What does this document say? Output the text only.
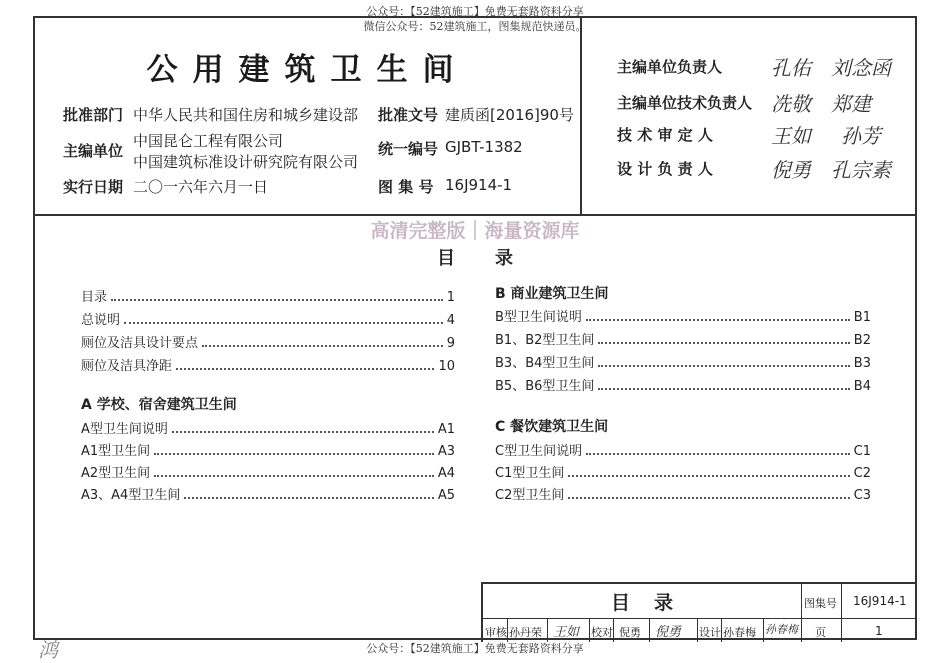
公众号：【52建筑施工】免费无套路资料分享
微信公众号：52建筑施工，图集规范快递员。
公用建筑卫生间
批准部门 中华人民共和国住房和城乡建设部
主编单位
中国昆仑工程有限公司
中国建筑标准设计研究院有限公司
实行日期 二〇一六年六月一日
批准文号 建质函[2016]90号
统一编号 GJBT-1382
图 集 号 16J914-1
主编单位负责人 孔佑 刘念函
主编单位技术负责人 冼敬 郑建
技 术 审 定 人	王如 孙芳
设 计 负 责 人	倪勇 孔宗素
高清完整版｜海量资源库
目录
目录	1
总说明	4
厕位及洁具设计要点	9
厕位及洁具净距	10
A 学校、宿舍建筑卫生间
A型卫生间说明	A1
A1型卫生间	A3
A2型卫生间	A4
A3、A4型卫生间	A5
B 商业建筑卫生间
B型卫生间说明	B1
B1、B2型卫生间	B2
B3、B4型卫生间	B3
B5、B6型卫生间	B4
C 餐饮建筑卫生间
C型卫生间说明	C1
C1型卫生间	C2
C2型卫生间	C3
目录	图集号 16J914-1
审核 孙丹荣 王如 校对 倪勇 倪勇 设计 孙春梅 孙春梅 页	1
鸿	公众号：【52建筑施工】免费无套路资料分享
